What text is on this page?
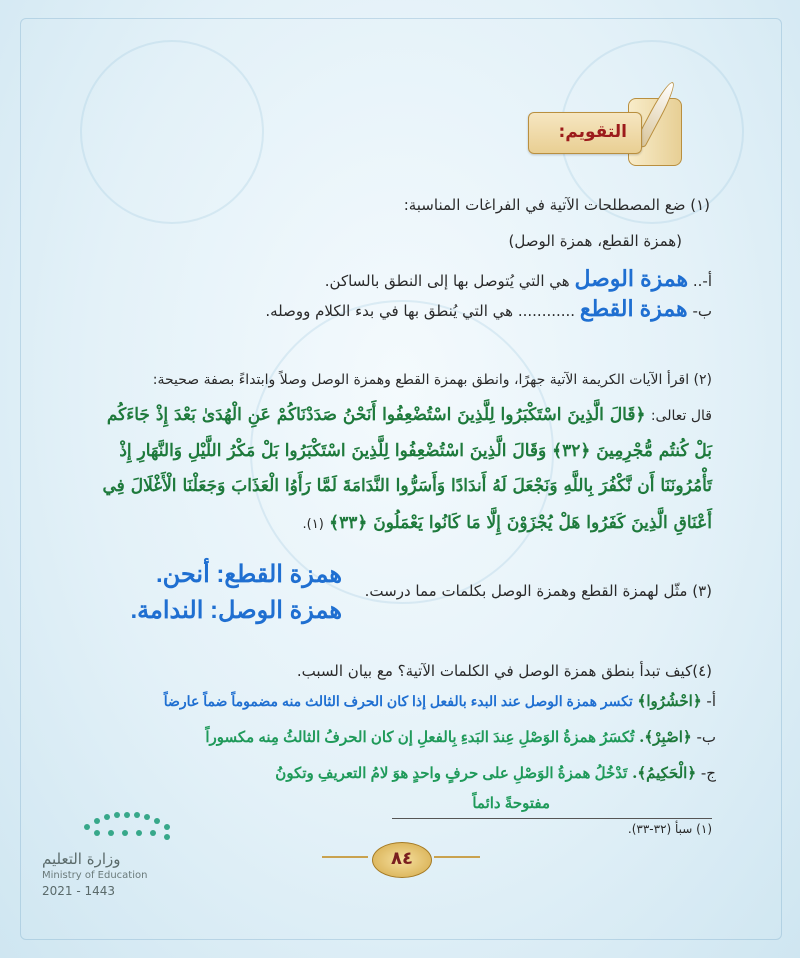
التقويم:
(١) ضع المصطلحات الآتية في الفراغات المناسبة:
(همزة القطع، همزة الوصل)
أ-.. همزة الوصل هي التي يُتوصل بها إلى النطق بالساكن.
ب- همزة القطع ............ هي التي يُنطق بها في بدء الكلام ووصله.
(٢) اقرأ الآيات الكريمة الآتية جهرًا، وانطق بهمزة القطع وهمزة الوصل وصلاً وابتداءً بصفة صحيحة:
قال تعالى: ﴿قَالَ الَّذِينَ اسْتَكْبَرُوا لِلَّذِينَ اسْتُضْعِفُوا أَنَحْنُ صَدَدْنَاكُمْ عَنِ الْهُدَىٰ بَعْدَ إِذْ جَاءَكُم
بَلْ كُنتُم مُّجْرِمِينَ ﴿٣٢﴾ وَقَالَ الَّذِينَ اسْتُضْعِفُوا لِلَّذِينَ اسْتَكْبَرُوا بَلْ مَكْرُ اللَّيْلِ وَالنَّهَارِ إِذْ
تَأْمُرُونَنَا أَن نَّكْفُرَ بِاللَّهِ وَنَجْعَلَ لَهُ أَندَادًا وَأَسَرُّوا النَّدَامَةَ لَمَّا رَأَوُا الْعَذَابَ وَجَعَلْنَا الْأَغْلَالَ فِي
أَعْنَاقِ الَّذِينَ كَفَرُوا هَلْ يُجْزَوْنَ إِلَّا مَا كَانُوا يَعْمَلُونَ ﴿٣٣﴾ (١).
(٣) مثّل لهمزة القطع وهمزة الوصل بكلمات مما درست.
همزة القطع: أنحن.
همزة الوصل: الندامة.
(٤)كيف تبدأ بنطق همزة الوصل في الكلمات الآتية؟ مع بيان السبب.
أ- ﴿احْشُرُوا﴾ تكسر همزة الوصل عند البدء بالفعل إذا كان الحرف الثالث منه مضموماً ضماً عارضاً
ب- ﴿اصْبِرْ﴾. تُكسَرُ همزةُ الوَصْلِ عِندَ البَدءِ بِالفعلِ إن كان الحرفُ الثالثُ مِنه مكسوراً
ج- ﴿الْحَكِيمُ﴾. تَدْخُلُ همزةُ الوَصْلِ على حرفٍ واحدٍ هوَ لامُ التعريفِ وتكونُ
مفتوحةً دائماً
(١) سبأ (٣٢-٣٣).
٨٤
وزارة التعليم
Ministry of Education
2021 - 1443
